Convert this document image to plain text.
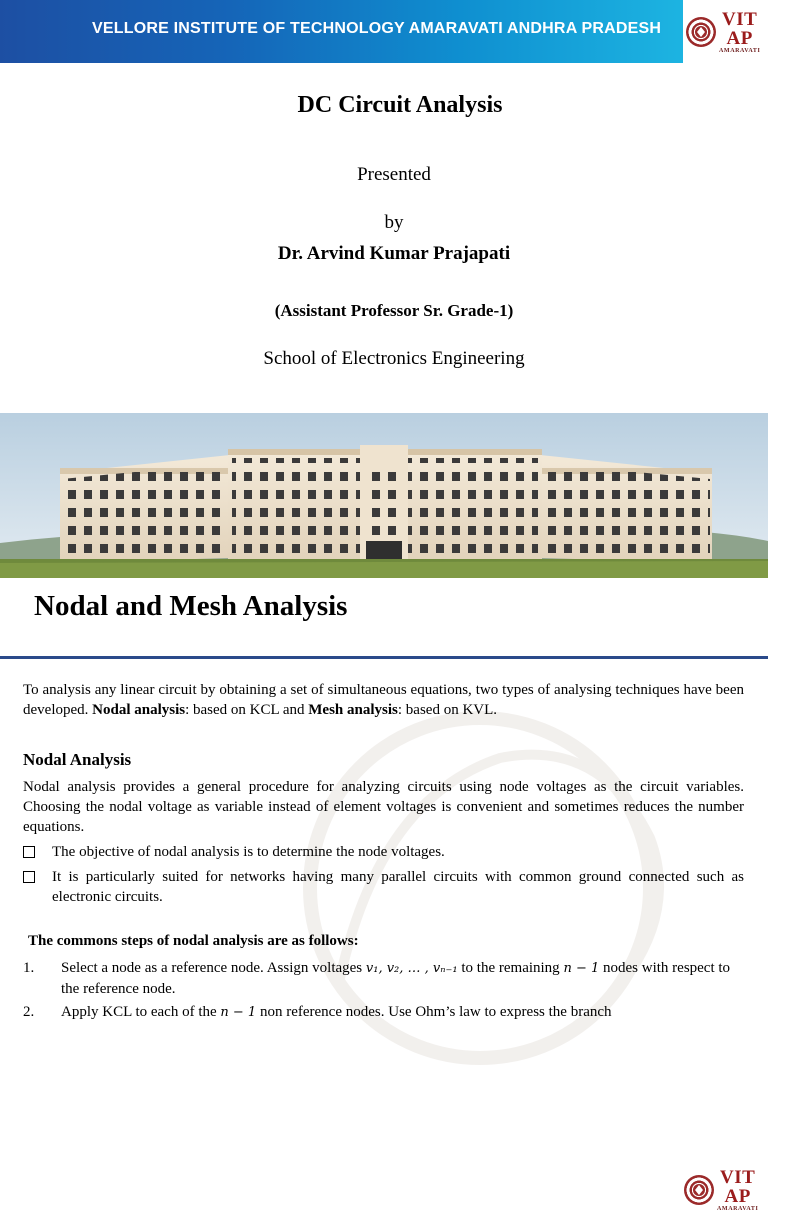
VELLORE INSTITUTE OF TECHNOLOGY AMARAVATI ANDHRA PRADESH	VIT
AP
AMARAVATI
DC Circuit Analysis
Presented
by
Dr. Arvind Kumar Prajapati
(Assistant Professor Sr. Grade-1)
School of Electronics Engineering
Nodal and Mesh Analysis
VIT
AP
AMARAVATI
To analysis any linear circuit by obtaining a set of simultaneous equations, two types of analysing techniques have been developed. Nodal analysis: based on KCL and Mesh analysis: based on KVL.
Nodal Analysis
Nodal analysis provides a general procedure for analyzing circuits using node voltages as the circuit variables. Choosing the nodal voltage as variable instead of element voltages is convenient and sometimes reduces the number equations.
The objective of nodal analysis is to determine the node voltages.
It is particularly suited for networks having many parallel circuits with common ground connected such as electronic circuits.
The commons steps of nodal analysis are as follows:
1.	Select a node as a reference node. Assign voltages v₁, v₂, … , vₙ₋₁ to the remaining n − 1 nodes with respect to the reference node.
2.	Apply KCL to each of the n − 1 non reference nodes. Use Ohm’s law to express the branch
